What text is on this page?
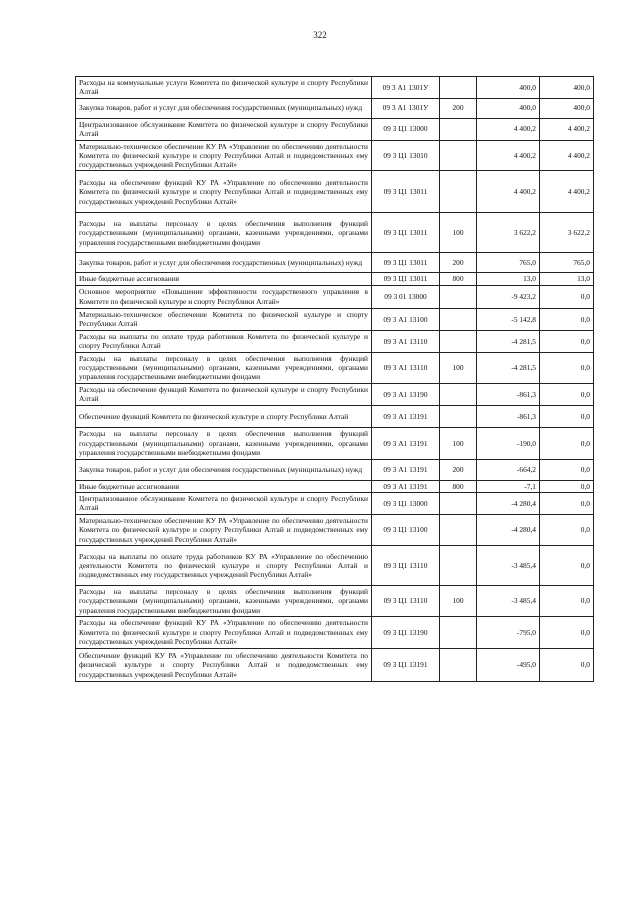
322
Расходы на коммунальные услуги Комитета по физической культуре и спорту Республики Алтай	09 3 А1 1301У		400,0	400,0
Закупка товаров, работ и услуг для обеспечения государственных (муниципальных) нужд	09 3 А1 1301У	200	400,0	400,0
Централизованное обслуживание Комитета по физической культуре и спорту Республики Алтай	09 3 Ц1 13000		4 400,2	4 400,2
Материально-техническое обеспечение КУ РА «Управление по обеспечению деятельности Комитета по физической культуре и спорту Республики Алтай и подведомственных ему государственных учреждений Республики Алтай»	09 3 Ц1 13010		4 400,2	4 400,2
Расходы на обеспечение функций КУ РА «Управление по обеспечению деятельности Комитета по физической культуре и спорту Республики Алтай и подведомственных ему государственных учреждений Республики Алтай»	09 3 Ц1 13011		4 400,2	4 400,2
Расходы на выплаты персоналу в целях обеспечения выполнения функций государственными (муниципальными) органами, казенными учреждениями, органами управления государственными внебюджетными фондами	09 3 Ц1 13011	100	3 622,2	3 622,2
Закупка товаров, работ и услуг для обеспечения государственных (муниципальных) нужд	09 3 Ц1 13011	200	765,0	765,0
Иные бюджетные ассигнования	09 3 Ц1 13011	800	13,0	13,0
Основное мероприятие «Повышение эффективности государственного управления в Комитете по физической культуре и спорту Республики Алтай»	09 3 01 13000		-9 423,2	0,0
Материально-техническое обеспечение Комитета по физической культуре и спорту Республики Алтай	09 3 А1 13100		-5 142,8	0,0
Расходы на выплаты по оплате труда работников Комитета по физической культуре и спорту Республики Алтай	09 3 А1 13110		-4 281,5	0,0
Расходы на выплаты персоналу в целях обеспечения выполнения функций государственными (муниципальными) органами, казенными учреждениями, органами управления государственными внебюджетными фондами	09 3 А1 13110	100	-4 281,5	0,0
Расходы на обеспечение функций Комитета по физической культуре и спорту Республики Алтай	09 3 А1 13190		-861,3	0,0
Обеспечение функций Комитета по физической культуре и спорту Республики Алтай	09 3 А1 13191		-861,3	0,0
Расходы на выплаты персоналу в целях обеспечения выполнения функций государственными (муниципальными) органами, казенными учреждениями, органами управления государственными внебюджетными фондами	09 3 А1 13191	100	-190,0	0,0
Закупка товаров, работ и услуг для обеспечения государственных (муниципальных) нужд	09 3 А1 13191	200	-664,2	0,0
Иные бюджетные ассигнования	09 3 А1 13191	800	-7,1	0,0
Централизованное обслуживание Комитета по физической культуре и спорту Республики Алтай	09 3 Ц1 13000		-4 280,4	0,0
Материально-техническое обеспечение КУ РА «Управление по обеспечению деятельности Комитета по физической культуре и спорту Республики Алтай и подведомственных ему государственных учреждений Республики Алтай»	09 3 Ц1 13100		-4 280,4	0,0
Расходы на выплаты по оплате труда работников КУ РА «Управление по обеспечению деятельности Комитета по физической культуре и спорту Республики Алтай и подведомственных ему государственных учреждений Республики Алтай»	09 3 Ц1 13110		-3 485,4	0,0
Расходы на выплаты персоналу в целях обеспечения выполнения функций государственными (муниципальными) органами, казенными учреждениями, органами управления государственными внебюджетными фондами	09 3 Ц1 13110	100	-3 485,4	0,0
Расходы на обеспечение функций КУ РА «Управление по обеспечению деятельности Комитета по физической культуре и спорту Республики Алтай и подведомственных ему государственных учреждений Республики Алтай»	09 3 Ц1 13190		-795,0	0,0
Обеспечение функций КУ РА «Управление по обеспечению деятельности Комитета по физической культуре и спорту Республики Алтай и подведомственных ему государственных учреждений Республики Алтай»	09 3 Ц1 13191		-495,0	0,0
